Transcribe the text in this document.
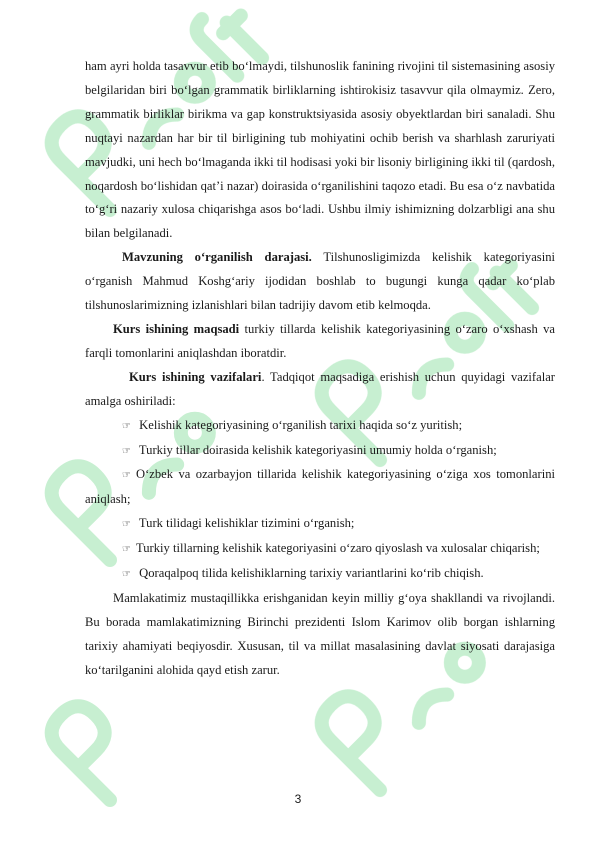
ham ayri holda tasavvur etib bo‘lmaydi, tilshunoslik fanining rivojini til sistemasining asosiy belgilaridan biri bo‘lgan grammatik birliklarning ishtirokisiz tasavvur qila olmaymiz. Zero, grammatik birliklar birikma va gap konstruktsiyasida asosiy obyektlardan biri sanaladi. Shu nuqtayi nazardan har bir til birligining tub mohiyatini ochib berish va sharhlash zaruriyati mavjudki, uni hech bo‘lmaganda ikki til hodisasi yoki bir lisoniy birligining ikki til (qardosh, noqardosh bo‘lishidan qat’i nazar) doirasida o‘rganilishini taqozo etadi. Bu esa o‘z navbatida to‘g‘ri nazariy xulosa chiqarishga asos bo‘ladi. Ushbu ilmiy ishimizning dolzarbligi ana shu bilan belgilanadi.

Mavzuning o‘rganilish darajasi. Tilshunosligimizda kelishik kategoriyasini o‘rganish Mahmud Koshg‘ariy ijodidan boshlab to bugungi kunga qadar ko‘plab tilshunoslarimizning izlanishlari bilan tadrijiy davom etib kelmoqda.

Kurs ishining maqsadi turkiy tillarda kelishik kategoriyasining o‘zaro o‘xshash va farqli tomonlarini aniqlashdan iboratdir.

Kurs ishining vazifalari. Tadqiqot maqsadiga erishish uchun quyidagi vazifalar amalga oshiriladi:

☞ Kelishik kategoriyasining o‘rganilish tarixi haqida so‘z yuritish;

☞ Turkiy tillar doirasida kelishik kategoriyasini umumiy holda o‘rganish;

☞ O‘zbek va ozarbayjon tillarida kelishik kategoriyasining o‘ziga xos tomonlarini aniqlash;

☞ Turk tilidagi kelishiklar tizimini o‘rganish;

☞ Turkiy tillarning kelishik kategoriyasini o‘zaro qiyoslash va xulosalar chiqarish;

☞ Qoraqalpoq tilida kelishiklarning tarixiy variantlarini ko‘rib chiqish.

Mamlakatimiz mustaqillikka erishganidan keyin milliy g‘oya shakllandi va rivojlandi. Bu borada mamlakatimizning Birinchi prezidenti Islom Karimov olib borgan ishlarning tarixiy ahamiyati beqiyosdir. Xususan, til va millat masalasining davlat siyosati darajasiga ko‘tarilganini alohida qayd etish zarur.

3
